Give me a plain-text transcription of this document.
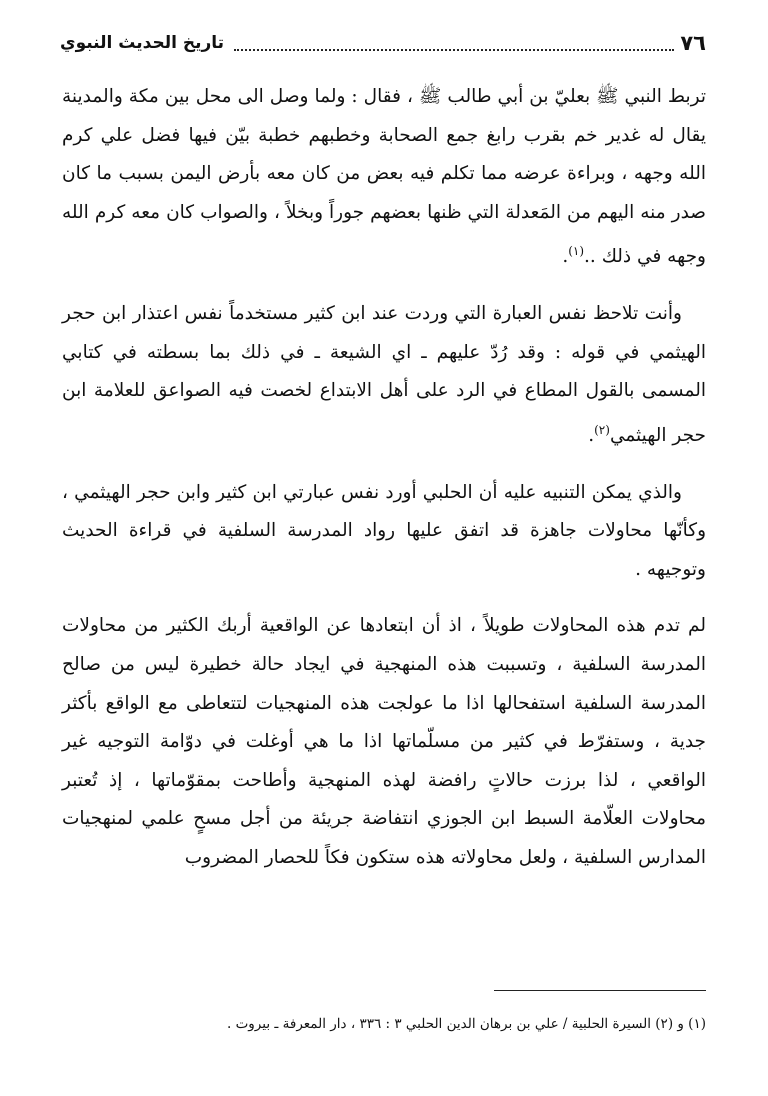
٧٦
تاريخ الحديث النبوي

تربط النبي ﷺ بعليّ بن أبي طالب ﷺ ، فقال : ولما وصل الى محل بين مكة والمدينة يقال له غدير خم بقرب رابغ جمع الصحابة وخطبهم خطبة بيّن فيها فضل علي كرم الله وجهه ، وبراءة عرضه مما تكلم فيه بعض من كان معه بأرض اليمن بسبب ما كان صدر منه اليهم من المَعدلة التي ظنها بعضهم جوراً وبخلاً ، والصواب كان معه كرم الله وجهه في ذلك ..$^{(١)}$.

وأنت تلاحظ نفس العبارة التي وردت عند ابن كثير مستخدماً نفس اعتذار ابن حجر الهيثمي في قوله : وقد رُدّ عليهم ـ اي الشيعة ـ في ذلك بما بسطته في كتابي المسمى بالقول المطاع في الرد على أهل الابتداع لخصت فيه الصواعق للعلامة ابن حجر الهيثمي$^{(٢)}$.

والذي يمكن التنبيه عليه أن الحلبي أورد نفس عبارتي ابن كثير وابن حجر الهيثمي ، وكأنّها محاولات جاهزة قد اتفق عليها رواد المدرسة السلفية في قراءة الحديث وتوجيهه .

لم تدم هذه المحاولات طويلاً ، اذ أن ابتعادها عن الواقعية أربك الكثير من محاولات المدرسة السلفية ، وتسببت هذه المنهجية في ايجاد حالة خطيرة ليس من صالح المدرسة السلفية استفحالها اذا ما عولجت هذه المنهجيات لتتعاطى مع الواقع بأكثر جدية ، وستفرّط في كثير من مسلّماتها اذا ما هي أوغلت في دوّامة التوجيه غير الواقعي ، لذا برزت حالاتٍ رافضة لهذه المنهجية وأطاحت بمقوّماتها ، إذ تُعتبر محاولات العلّامة السبط ابن الجوزي انتفاضة جريئة من أجل مسحٍ علمي لمنهجيات المدارس السلفية ، ولعل محاولاته هذه ستكون فكاً للحصار المضروب

(١) و (٢) السيرة الحلبية / علي بن برهان الدين الحلبي ٣ : ٣٣٦ ، دار المعرفة ـ بيروت .
